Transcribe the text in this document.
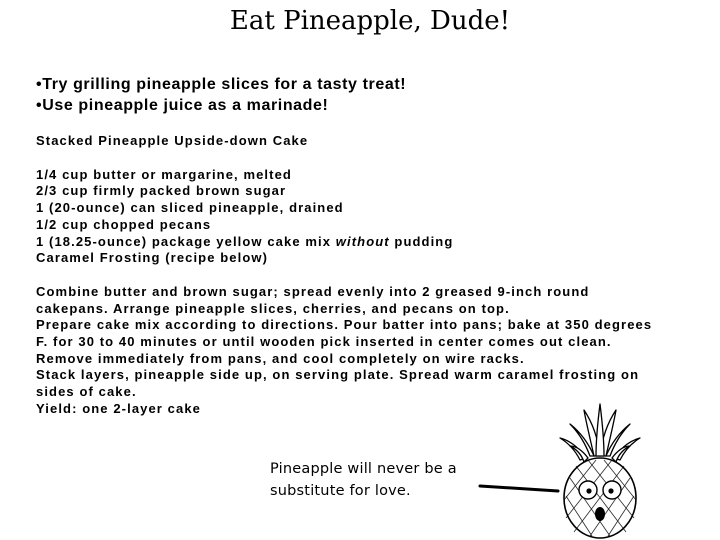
Eat Pineapple, Dude!
•Try grilling pineapple slices for a tasty treat!
•Use pineapple juice as a marinade!
Stacked Pineapple Upside-down Cake
1/4 cup butter or margarine, melted
2/3 cup firmly packed brown sugar
1 (20-ounce) can sliced pineapple, drained
1/2 cup chopped pecans
1 (18.25-ounce) package yellow cake mix without pudding
Caramel Frosting (recipe below)
Combine butter and brown sugar; spread evenly into 2 greased 9-inch round cakepans. Arrange pineapple slices, cherries, and pecans on top.
Prepare cake mix according to directions. Pour batter into pans; bake at 350 degrees F. for 30 to 40 minutes or until wooden pick inserted in center comes out clean.
Remove immediately from pans, and cool completely on wire racks.
Stack layers, pineapple side up, on serving plate. Spread warm caramel frosting on sides of cake.
Yield: one 2-layer cake
Pineapple will never be a
substitute for love.
